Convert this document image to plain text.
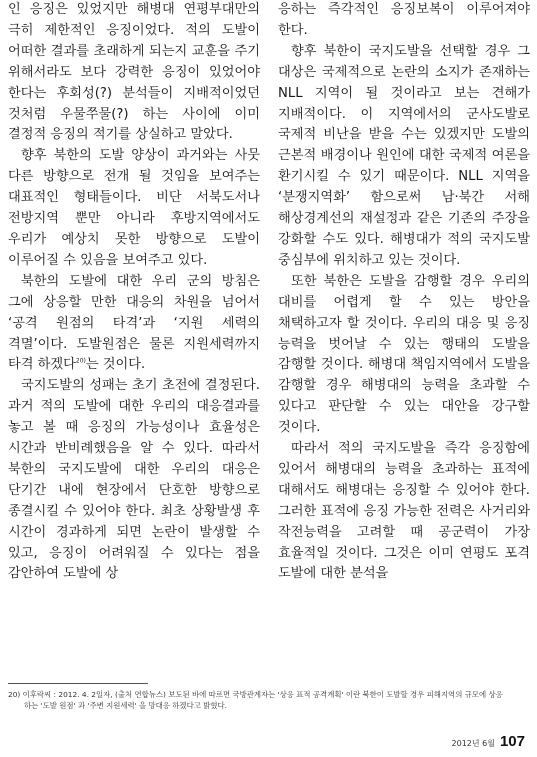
인 응징은 있었지만 해병대 연평부대만의 극히 제한적인 응징이었다. 적의 도발이 어떠한 결과를 초래하게 되는지 교훈을 주기 위해서라도 보다 강력한 응징이 있었어야 한다는 후회성(?) 분석들이 지배적이었던 것처럼 우물쭈물(?) 하는 사이에 이미 결정적 응징의 적기를 상실하고 말았다.

향후 북한의 도발 양상이 과거와는 사뭇 다른 방향으로 전개 될 것임을 보여주는 대표적인 형태들이다. 비단 서북도서나 전방지역 뿐만 아니라 후방지역에서도 우리가 예상치 못한 방향으로 도발이 이루어질 수 있음을 보여주고 있다.

북한의 도발에 대한 우리 군의 방침은 그에 상응할 만한 대응의 차원을 넘어서 ‘공격 원점의 타격’과 ‘지원 세력의 격멸’이다. 도발원점은 물론 지원세력까지 타격 하겠다$^{20)}$는 것이다.

국지도발의 성패는 초기 초전에 결정된다. 과거 적의 도발에 대한 우리의 대응결과를 놓고 볼 때 응징의 가능성이나 효율성은 시간과 반비례했음을 알 수 있다. 따라서 북한의 국지도발에 대한 우리의 대응은 단기간 내에 현장에서 단호한 방향으로 종결시킬 수 있어야 한다. 최초 상황발생 후 시간이 경과하게 되면 논란이 발생할 수 있고, 응징이 어려워질 수 있다는 점을 감안하여 도발에 상

응하는 즉각적인 응징보복이 이루어져야 한다.

향후 북한이 국지도발을 선택할 경우 그 대상은 국제적으로 논란의 소지가 존재하는 NLL 지역이 될 것이라고 보는 견해가 지배적이다. 이 지역에서의 군사도발로 국제적 비난을 받을 수는 있겠지만 도발의 근본적 배경이나 원인에 대한 국제적 여론을 환기시킬 수 있기 때문이다. NLL 지역을 ‘분쟁지역화’ 함으로써 남·북간 서해 해상경계선의 재설정과 같은 기존의 주장을 강화할 수도 있다. 해병대가 적의 국지도발 중심부에 위치하고 있는 것이다.

또한 북한은 도발을 감행할 경우 우리의 대비를 어렵게 할 수 있는 방안을 채택하고자 할 것이다. 우리의 대응 및 응징 능력을 벗어날 수 있는 행태의 도발을 감행할 것이다. 해병대 책임지역에서 도발을 감행할 경우 해병대의 능력을 초과할 수 있다고 판단할 수 있는 대안을 강구할 것이다.

따라서 적의 국지도발을 즉각 응징함에 있어서 해병대의 능력을 초과하는 표적에 대해서도 해병대는 응징할 수 있어야 한다. 그러한 표적에 응징 가능한 전력은 사거리와 작전능력을 고려할 때 공군력이 가장 효율적일 것이다. 그것은 이미 연평도 포격 도발에 대한 분석을

20) 이후락씨 : 2012. 4. 2일자, (출처 연합뉴스) 보도된 바에 따르면 국방관계자는 '상응 표적 공격계획' 이란 북한이 도발할 경우 피해지역의 규모에 상응
하는 '도발 원점' 과 '주변 지원세력' 을 망대응 하겠다고 밝혔다.
2012년 6월 107
